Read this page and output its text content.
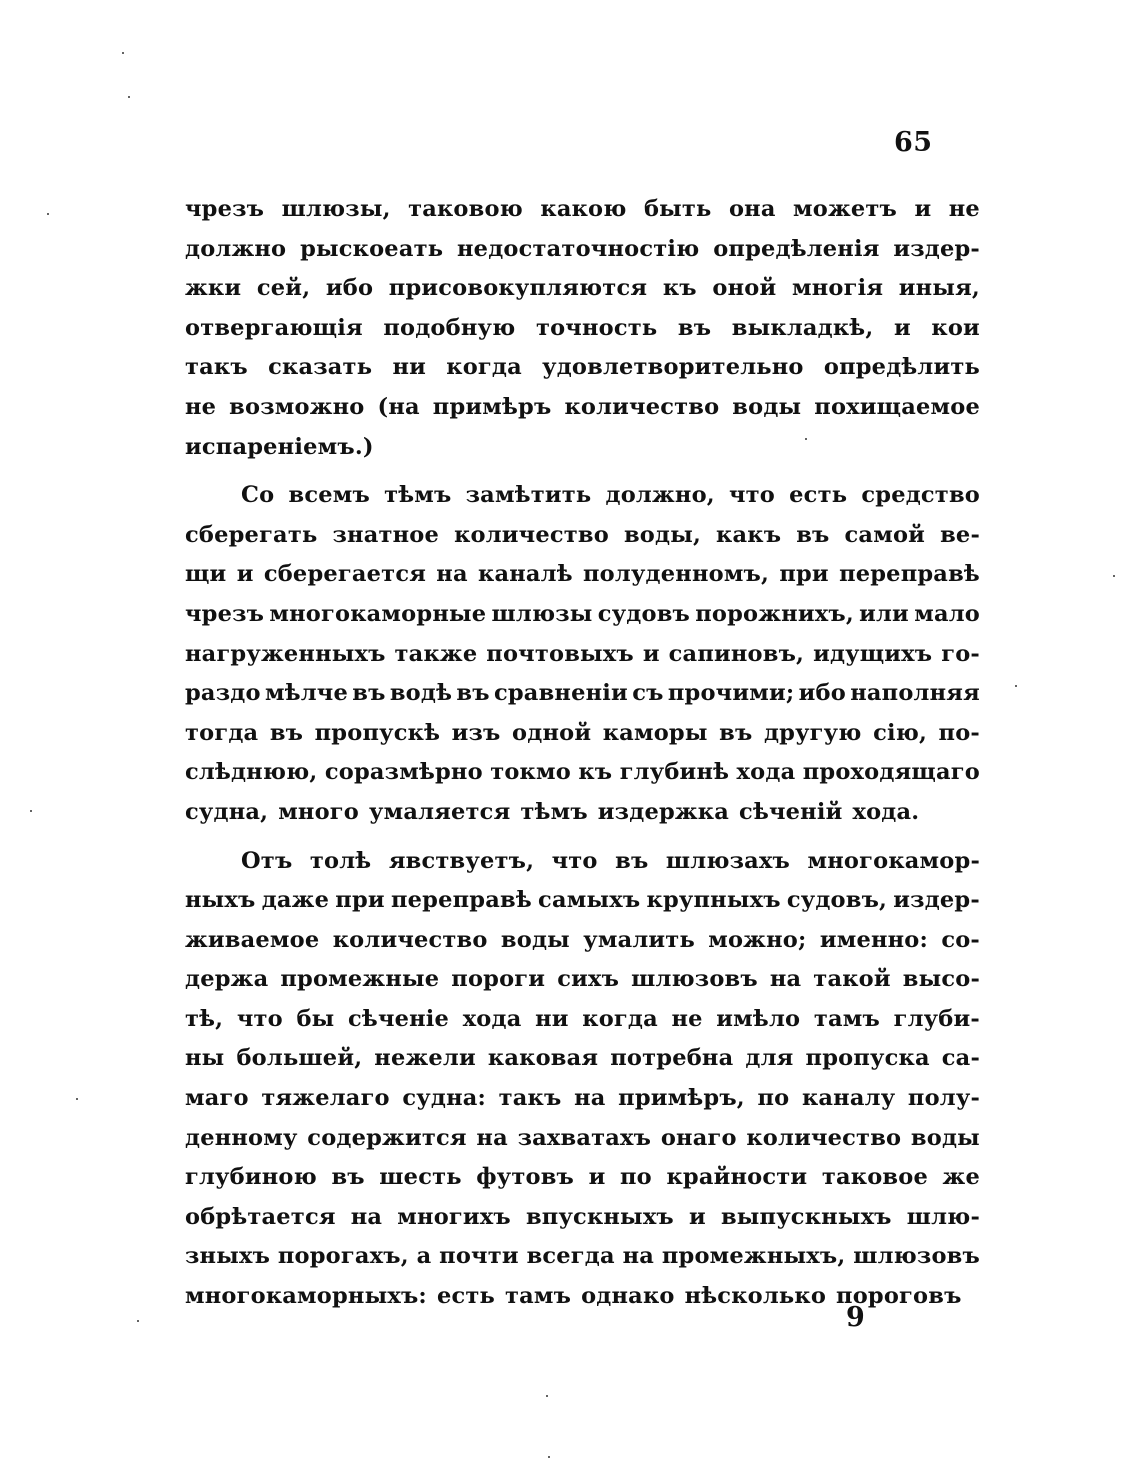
65
чрезъ шлюзы, таковою какою быть она можетъ и не
должно рыскоеать недостаточностію опредѣленія издер-
жки сей, ибо присовокупляются къ оной многія иныя,
отвергающія подобную точность въ выкладкѣ, и кои
такъ сказать ни когда удовлетворительно опредѣлить
не возможно (на примѣръ количество воды похищаемое
испареніемъ.)
Со всемъ тѣмъ замѣтить должно, что есть средство
сберегать знатное количество воды, какъ въ самой ве-
щи и сберегается на каналѣ полуденномъ, при переправѣ
чрезъ многокаморные шлюзы судовъ порожнихъ, или мало
нагруженныхъ также почтовыхъ и сапиновъ, идущихъ го-
раздо мѣлче въ водѣ въ сравненіи съ прочими; ибо наполняя
тогда въ пропускѣ изъ одной каморы въ другую сію, по-
слѣднюю, соразмѣрно токмо къ глубинѣ хода проходящаго
судна, много умаляется тѣмъ издержка сѣченій хода.
Отъ толѣ явствуетъ, что въ шлюзахъ многокамор-
ныхъ даже при переправѣ самыхъ крупныхъ судовъ, издер-
живаемое количество воды умалить можно; именно: со-
держа промежные пороги сихъ шлюзовъ на такой высо-
тѣ, что бы сѣченіе хода ни когда не имѣло тамъ глуби-
ны большей, нежели каковая потребна для пропуска са-
маго тяжелаго судна: такъ на примѣръ, по каналу полу-
денному содержится на захватахъ онаго количество воды
глубиною въ шесть футовъ и по крайности таковое же
обрѣтается на многихъ впускныхъ и выпускныхъ шлю-
зныхъ порогахъ, а почти всегда на промежныхъ, шлюзовъ
многокаморныхъ: есть тамъ однако нѣсколько пороговъ
9
